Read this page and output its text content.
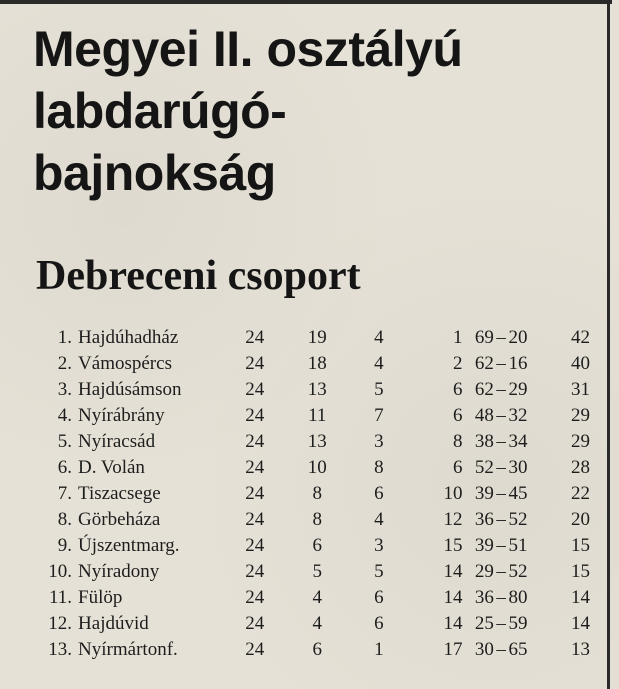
Megyei II. osztályú
labdarúgó-
bajnokság
Debreceni csoport
1.	Hajdúhadház	24	19	4	1	69	–	20	42
2.	Vámospércs	24	18	4	2	62	–	16	40
3.	Hajdúsámson	24	13	5	6	62	–	29	31
4.	Nyírábrány	24	11	7	6	48	–	32	29
5.	Nyíracsád	24	13	3	8	38	–	34	29
6.	D. Volán	24	10	8	6	52	–	30	28
7.	Tiszacsege	24	8	6	10	39	–	45	22
8.	Görbeháza	24	8	4	12	36	–	52	20
9.	Újszentmarg.	24	6	3	15	39	–	51	15
10.	Nyíradony	24	5	5	14	29	–	52	15
11.	Fülöp	24	4	6	14	36	–	80	14
12.	Hajdúvid	24	4	6	14	25	–	59	14
13.	Nyírmártonf.	24	6	1	17	30	–	65	13
